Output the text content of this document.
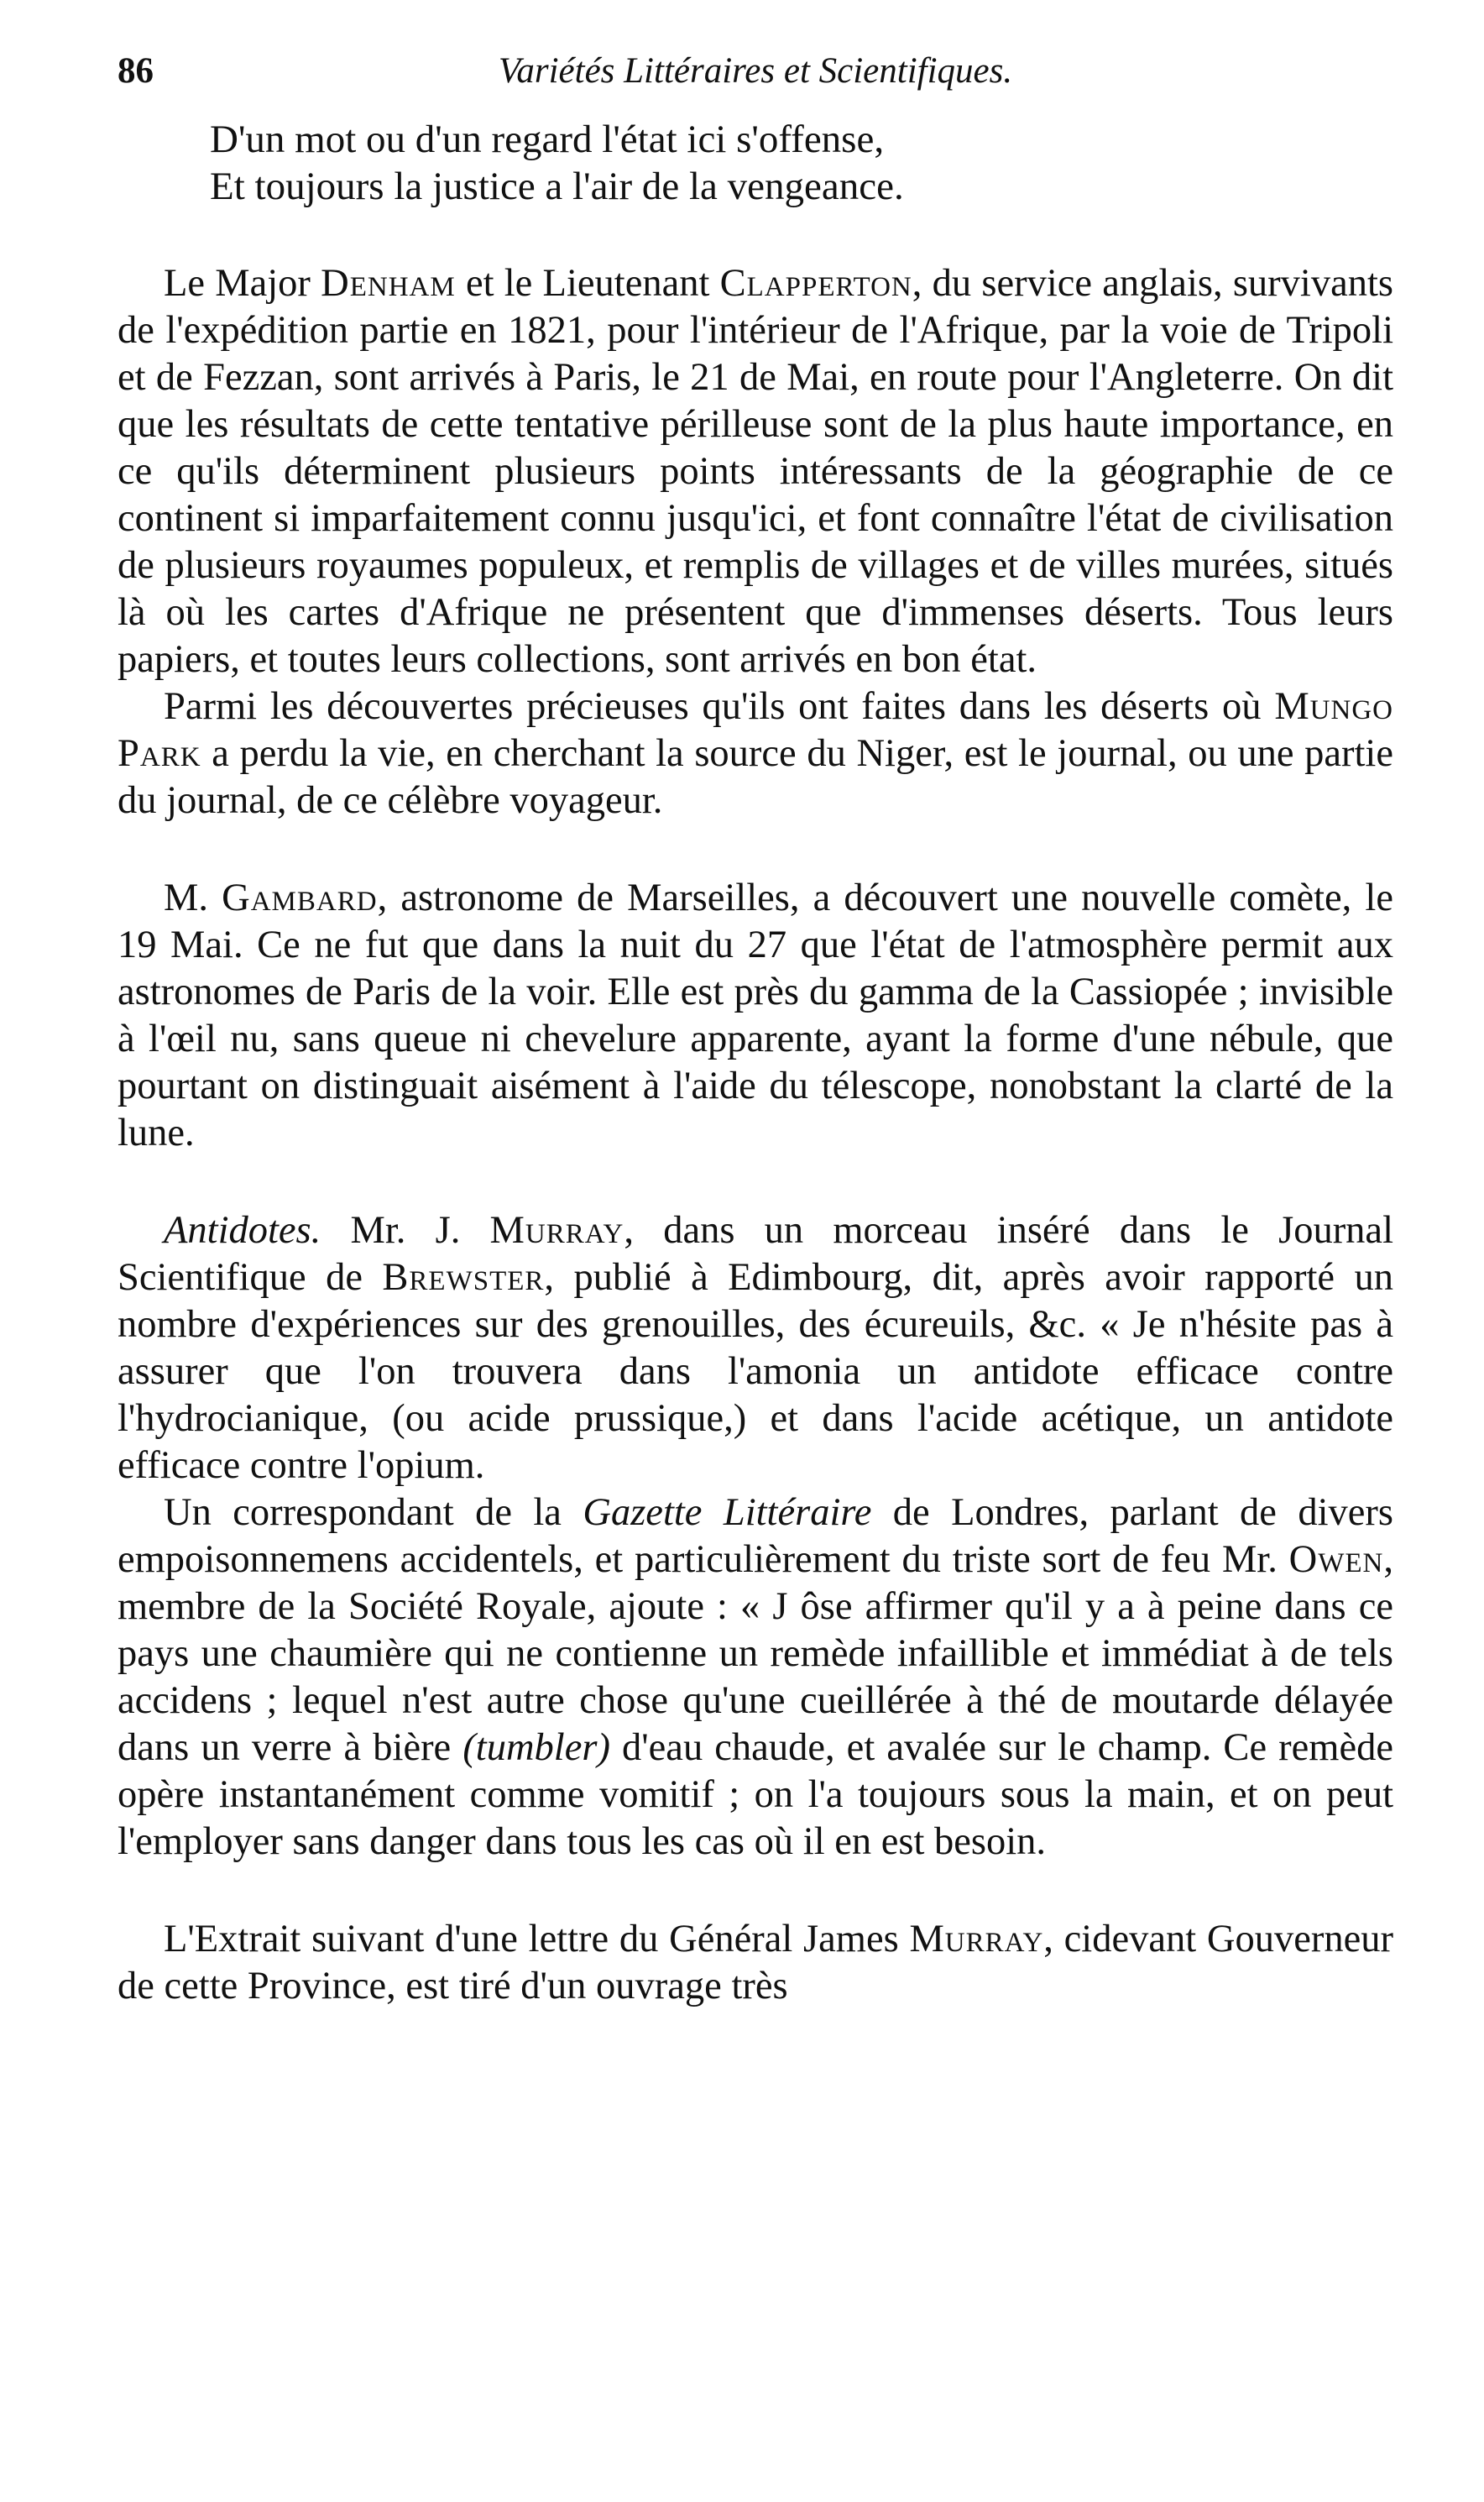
86	Variétés Littéraires et Scientifiques.
D'un mot ou d'un regard l'état ici s'offense,
Et toujours la justice a l'air de la vengeance.

Le Major Denham et le Lieutenant Clapperton, du service anglais, survivants de l'expédition partie en 1821, pour l'intérieur de l'Afrique, par la voie de Tripoli et de Fezzan, sont arrivés à Paris, le 21 de Mai, en route pour l'Angleterre. On dit que les résultats de cette tentative périlleuse sont de la plus haute importance, en ce qu'ils déterminent plusieurs points intéressants de la géographie de ce continent si imparfaitement connu jusqu'ici, et font connaître l'état de civilisation de plusieurs royaumes populeux, et remplis de villages et de villes murées, situés là où les cartes d'Afrique ne présentent que d'immenses déserts. Tous leurs papiers, et toutes leurs collections, sont arrivés en bon état.

Parmi les découvertes précieuses qu'ils ont faites dans les déserts où Mungo Park a perdu la vie, en cherchant la source du Niger, est le journal, ou une partie du journal, de ce célèbre voyageur.

M. Gambard, astronome de Marseilles, a découvert une nouvelle comète, le 19 Mai. Ce ne fut que dans la nuit du 27 que l'état de l'atmosphère permit aux astronomes de Paris de la voir. Elle est près du gamma de la Cassiopée ; invisible à l'œil nu, sans queue ni chevelure apparente, ayant la forme d'une nébule, que pourtant on distinguait aisément à l'aide du télescope, nonobstant la clarté de la lune.

Antidotes. Mr. J. Murray, dans un morceau inséré dans le Journal Scientifique de Brewster, publié à Edimbourg, dit, après avoir rapporté un nombre d'expériences sur des grenouilles, des écureuils, &c. « Je n'hésite pas à assurer que l'on trouvera dans l'amonia un antidote efficace contre l'hydrocianique, (ou acide prussique,) et dans l'acide acétique, un antidote efficace contre l'opium.

Un correspondant de la Gazette Littéraire de Londres, parlant de divers empoisonnemens accidentels, et particulièrement du triste sort de feu Mr. Owen, membre de la Société Royale, ajoute : « J ôse affirmer qu'il y a à peine dans ce pays une chaumière qui ne contienne un remède infaillible et immédiat à de tels accidens ; lequel n'est autre chose qu'une cueillérée à thé de moutarde délayée dans un verre à bière (tumbler) d'eau chaude, et avalée sur le champ. Ce remède opère instantanément comme vomitif ; on l'a toujours sous la main, et on peut l'employer sans danger dans tous les cas où il en est besoin.

L'Extrait suivant d'une lettre du Général James Murray, cidevant Gouverneur de cette Province, est tiré d'un ouvrage très
